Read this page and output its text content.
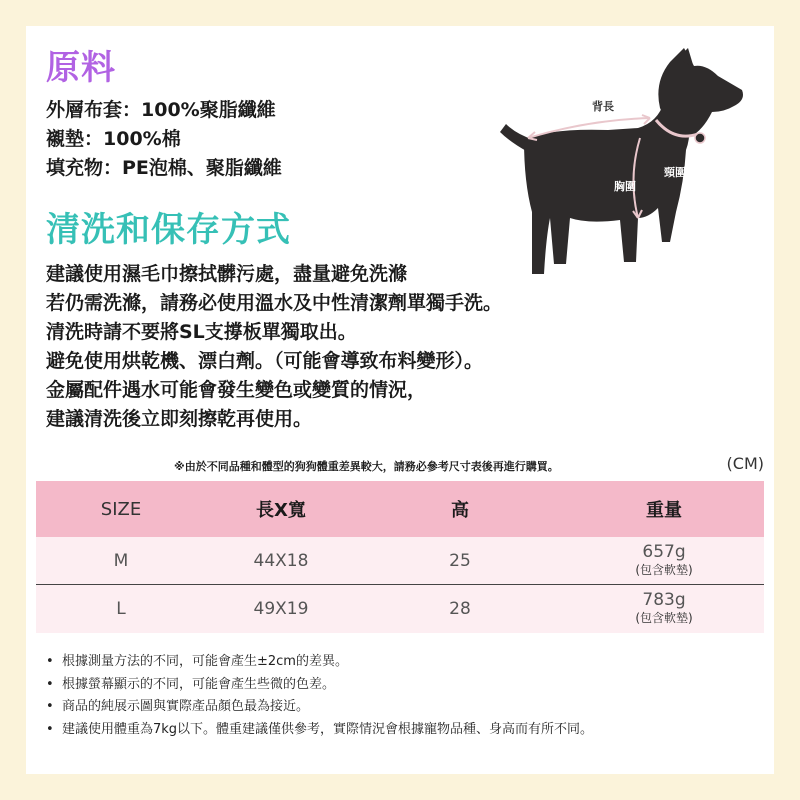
原料
外層布套：100%聚脂纖維
襯墊：100%棉
填充物：PE泡棉、聚脂纖維
背長
頸圍
胸圍
清洗和保存方式
建議使用濕毛巾擦拭髒污處，盡量避免洗滌
若仍需洗滌，請務必使用溫水及中性清潔劑單獨手洗。
清洗時請不要將SL支撐板單獨取出。
避免使用烘乾機、漂白劑。（可能會導致布料變形）。
金屬配件遇水可能會發生變色或變質的情況，
建議清洗後立即刻擦乾再使用。
※由於不同品種和體型的狗狗體重差異較大，請務必參考尺寸表後再進行購買。	(CM)
SIZE	長X寬	高	重量
M	44X18	25	657g
(包含軟墊)
L	49X19	28	783g
(包含軟墊)
• 根據測量方法的不同，可能會產生±2cm的差異。
• 根據螢幕顯示的不同，可能會產生些微的色差。
• 商品的純展示圖與實際產品顏色最為接近。
• 建議使用體重為7kg以下。體重建議僅供參考，實際情況會根據寵物品種、身高而有所不同。
